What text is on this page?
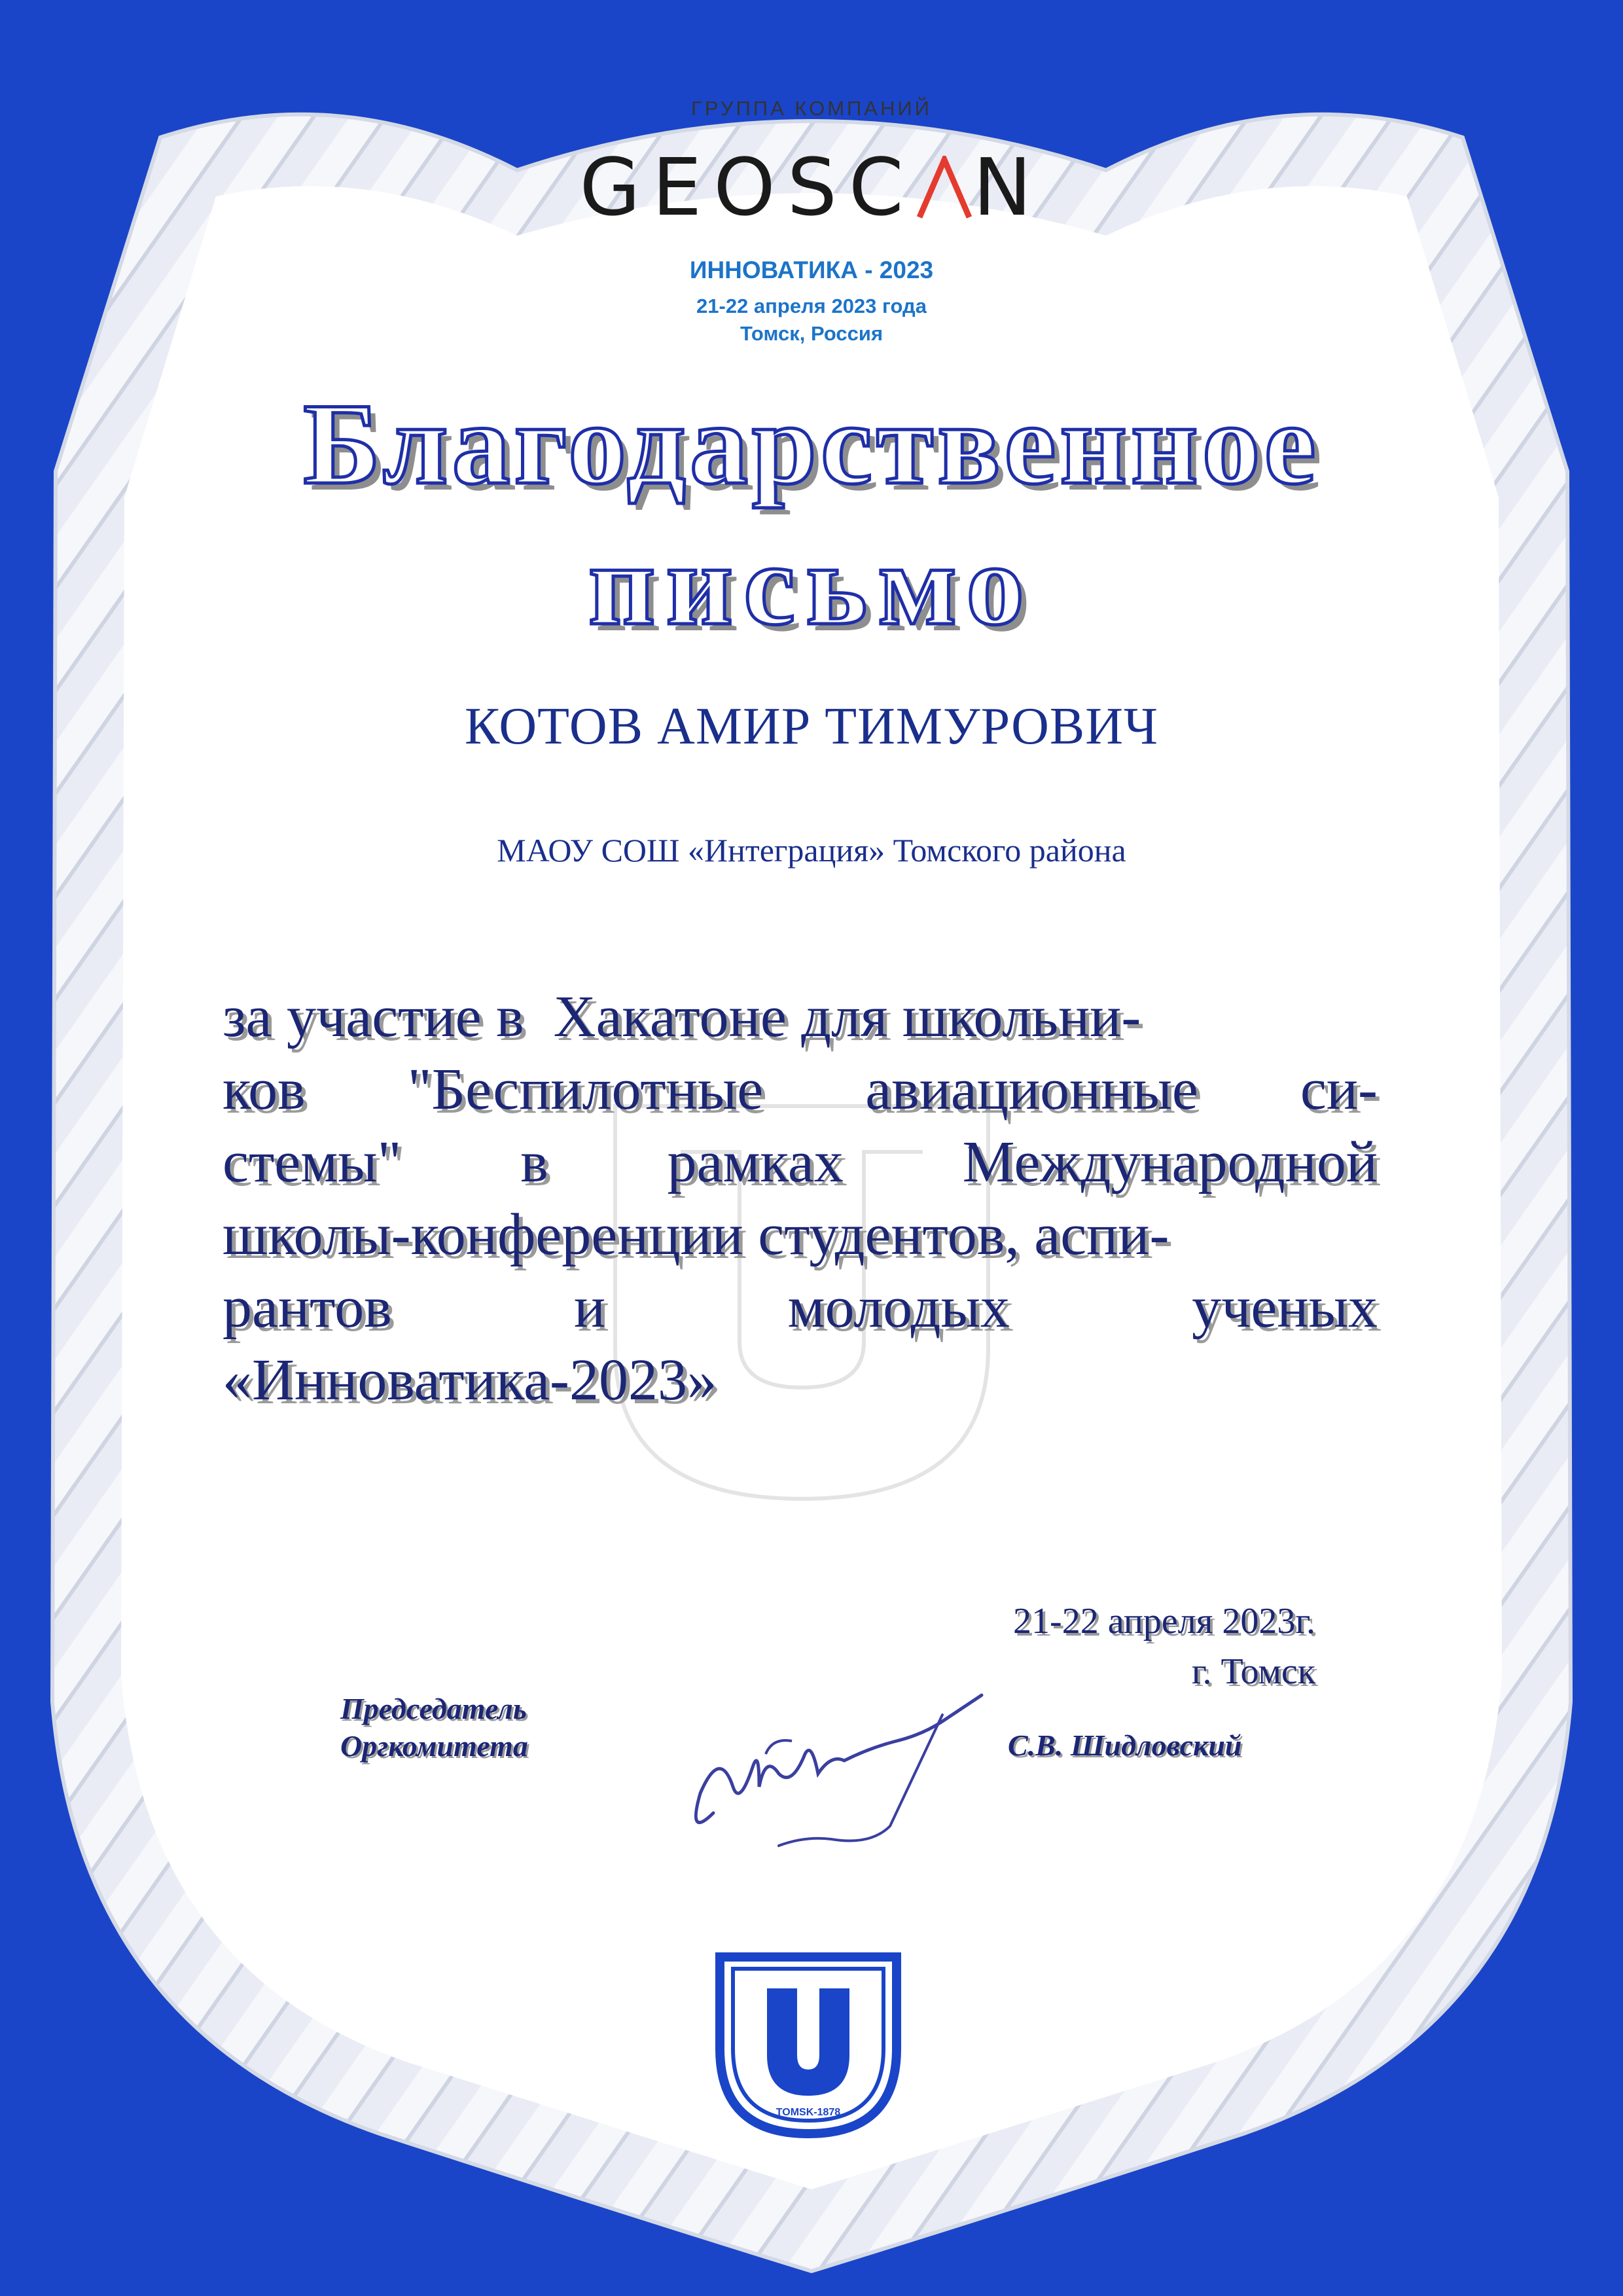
ГРУППА КОМПАНИЙ
GEOSC N
ИННОВАТИКА - 2023
21-22 апреля 2023 года
Томск, Россия
Благодарственное
письмо
КОТОВ АМИР ТИМУРОВИЧ
МАОУ СОШ «Интеграция» Томского района
за участие в  Хакатоне для школьни-
ков "Беспилотные авиационные си-
стемы" в рамках Международной
школы-конференции студентов, аспи-
рантов и молодых ученых
«Инноватика-2023»
21-22 апреля 2023г.
г. Томск
Председатель
Оргкомитета	С.В. Шидловский
TOMSK-1878
